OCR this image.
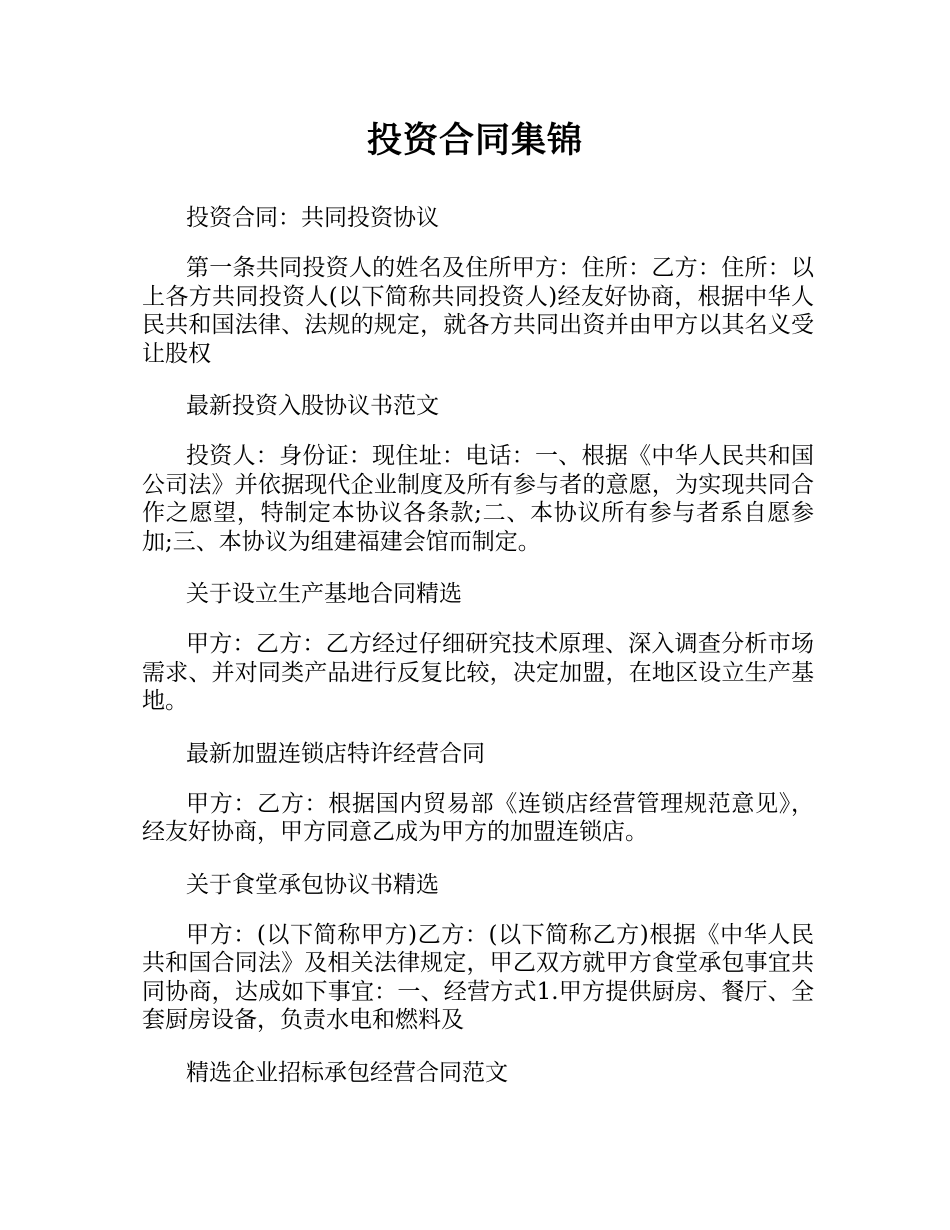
投资合同集锦

投资合同：共同投资协议

第一条共同投资人的姓名及住所甲方：住所：乙方：住所：以上各方共同投资人(以下简称共同投资人)经友好协商，根据中华人民共和国法律、法规的规定，就各方共同出资并由甲方以其名义受让股权

最新投资入股协议书范文

投资人：身份证：现住址：电话：一、根据《中华人民共和国公司法》并依据现代企业制度及所有参与者的意愿，为实现共同合作之愿望，特制定本协议各条款;二、本协议所有参与者系自愿参加;三、本协议为组建福建会馆而制定。

关于设立生产基地合同精选

甲方：乙方：乙方经过仔细研究技术原理、深入调查分析市场需求、并对同类产品进行反复比较，决定加盟，在地区设立生产基地。

最新加盟连锁店特许经营合同

甲方：乙方：根据国内贸易部《连锁店经营管理规范意见》，经友好协商，甲方同意乙成为甲方的加盟连锁店。

关于食堂承包协议书精选

甲方：(以下简称甲方)乙方：(以下简称乙方)根据《中华人民共和国合同法》及相关法律规定，甲乙双方就甲方食堂承包事宜共同协商，达成如下事宜：一、经营方式1.甲方提供厨房、餐厅、全套厨房设备，负责水电和燃料及

精选企业招标承包经营合同范文
